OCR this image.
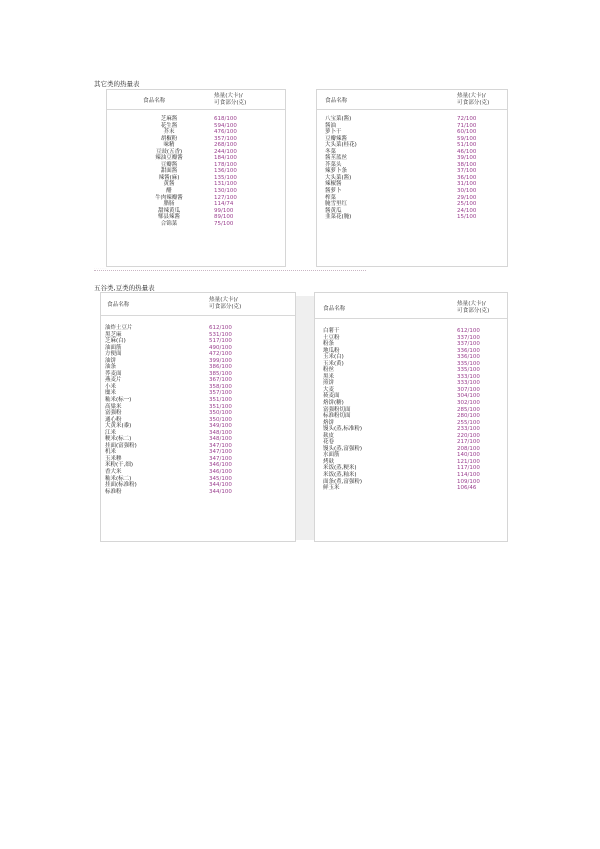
其它类的热量表
食品名称
热量(大卡)/
可食部分(克)
芝麻酱
花生酱
芥末
胡椒粉
味精
豆豉(五香)
辣油豆瓣酱
豆瓣酱
甜面酱
辣酱(麻)
黄酱
醋
牛肉辣瓣酱
腊肠
甜辣黄瓜
郫县辣酱
合锦菜
618/100
594/100
476/100
357/100
268/100
244/100
184/100
178/100
136/100
135/100
131/100
130/100
127/100
114/74
99/100
89/100
75/100
食品名称
热量(大卡)/
可食部分(克)
八宝菜(酱)
酱油
萝卜干
豆瓣辣酱
大头菜(桂花)
冬菜
酱苤蓝丝
芥菜头
辣萝卜条
大头菜(酱)
辣椒酱
酱萝卜
榨菜
腌雪里红
酱黄瓜
韭菜花(腌)
72/100
71/100
60/100
59/100
51/100
46/100
39/100
38/100
37/100
36/100
31/100
30/100
29/100
25/100
24/100
15/100
· · · · · · ·
五谷类,豆类的热量表
食品名称
热量(大卡)/
可食部分(克)
油炸土豆片
黑芝麻
芝麻(白)
油面筋
方便面
油饼
油条
荞麦面
燕麦片
小米
糜米
籼米(标一)
高粱米
富强粉
通心粉
大黄米(黍)
江米
粳米(标二)
挂面(富强粉)
机米
玉米糁
米粉(干,细)
香大米
籼米(标二)
挂面(标准粉)
标准粉
612/100
531/100
517/100
490/100
472/100
399/100
386/100
385/100
367/100
358/100
357/100
351/100
351/100
350/100
350/100
349/100
348/100
348/100
347/100
347/100
347/100
346/100
346/100
345/100
344/100
344/100
食品名称
热量(大卡)/
可食部分(克)
白薯干
土豆粉
粉条
地瓜粉
玉米(白)
玉米(黄)
粉丝
黑米
煎饼
大麦
莜麦面
烙饼(糖)
富强粉切面
标准粉切面
烙饼
馒头(蒸,标准粉)
麸皮
花卷
馒头(蒸,富强粉)
水面筋
烤麸
米饭(蒸,粳米)
米饭(蒸,籼米)
面条(煮,富强粉)
鲜玉米
612/100
337/100
337/100
336/100
336/100
335/100
335/100
333/100
333/100
307/100
304/100
302/100
285/100
280/100
255/100
233/100
220/100
217/100
208/100
140/100
121/100
117/100
114/100
109/100
106/46
